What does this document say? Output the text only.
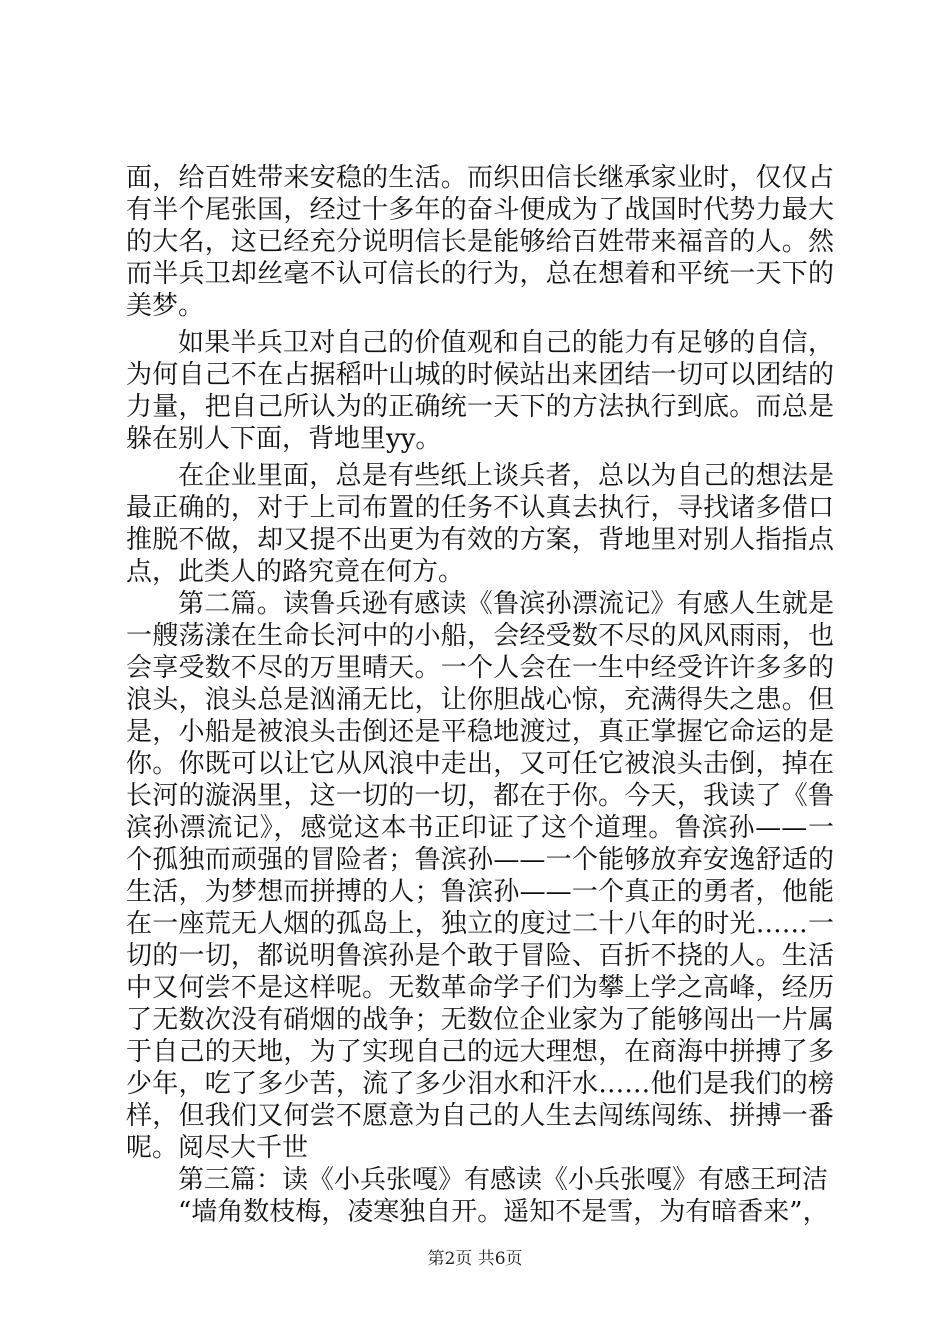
面，给百姓带来安稳的生活。而织田信长继承家业时，仅仅占有半个尾张国，经过十多年的奋斗便成为了战国时代势力最大的大名，这已经充分说明信长是能够给百姓带来福音的人。然而半兵卫却丝毫不认可信长的行为，总在想着和平统一天下的美梦。

如果半兵卫对自己的价值观和自己的能力有足够的自信，为何自己不在占据稻叶山城的时候站出来团结一切可以团结的力量，把自己所认为的正确统一天下的方法执行到底。而总是躲在别人下面，背地里yy。

在企业里面，总是有些纸上谈兵者，总以为自己的想法是最正确的，对于上司布置的任务不认真去执行，寻找诸多借口推脱不做，却又提不出更为有效的方案，背地里对别人指指点点，此类人的路究竟在何方。

第二篇。读鲁兵逊有感读《鲁滨孙漂流记》有感人生就是一艘荡漾在生命长河中的小船，会经受数不尽的风风雨雨，也会享受数不尽的万里晴天。一个人会在一生中经受许许多多的浪头，浪头总是汹涌无比，让你胆战心惊，充满得失之患。但是，小船是被浪头击倒还是平稳地渡过，真正掌握它命运的是你。你既可以让它从风浪中走出，又可任它被浪头击倒，掉在长河的漩涡里，这一切的一切，都在于你。今天，我读了《鲁滨孙漂流记》，感觉这本书正印证了这个道理。鲁滨孙——一个孤独而顽强的冒险者；鲁滨孙——一个能够放弃安逸舒适的生活，为梦想而拼搏的人；鲁滨孙——一个真正的勇者，他能在一座荒无人烟的孤岛上，独立的度过二十八年的时光……一切的一切，都说明鲁滨孙是个敢于冒险、百折不挠的人。生活中又何尝不是这样呢。无数革命学子们为攀上学之高峰，经历了无数次没有硝烟的战争；无数位企业家为了能够闯出一片属于自己的天地，为了实现自己的远大理想，在商海中拼搏了多少年，吃了多少苦，流了多少泪水和汗水……他们是我们的榜样，但我们又何尝不愿意为自己的人生去闯练闯练、拼搏一番呢。阅尽大千世

第三篇：读《小兵张嘎》有感读《小兵张嘎》有感王珂洁

“墙角数枝梅，凌寒独自开。遥知不是雪，为有暗香来”，

第2页 共6页
